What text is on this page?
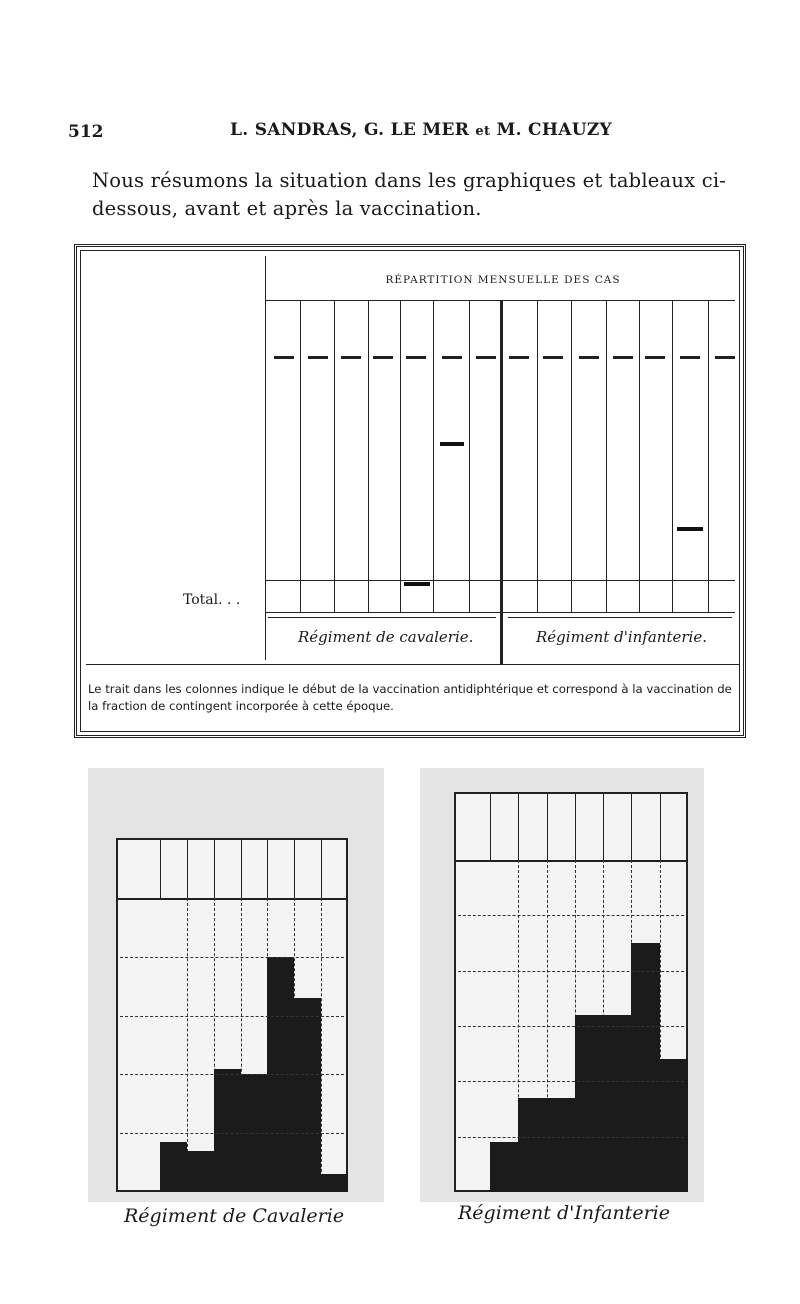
512	L. SANDRAS, G. LE MER et M. CHAUZY
Nous résumons la situation dans les graphiques et tableaux ci-dessous, avant et après la vaccination.
RÉPARTITION MENSUELLE DES CAS
Total. . .
Régiment de cavalerie.	Régiment d'infanterie.
Le trait dans les colonnes indique le début de la vaccination antidiphtérique et correspond à la vaccination de la fraction de contingent incorporée à cette époque.
Régiment de Cavalerie	Régiment d'Infanterie
